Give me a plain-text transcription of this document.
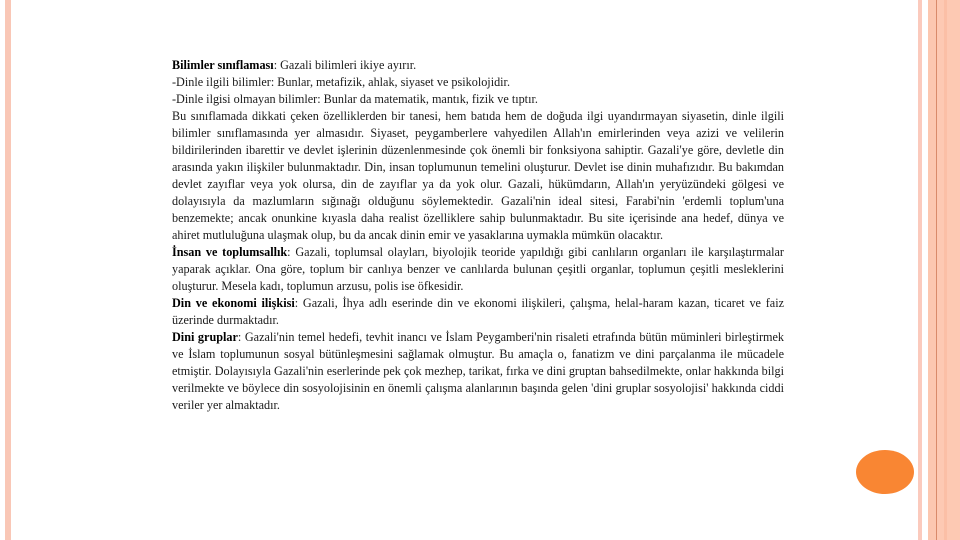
Bilimler sınıflaması: Gazali bilimleri ikiye ayırır.

-Dinle ilgili bilimler: Bunlar, metafizik, ahlak, siyaset ve psikolojidir.

-Dinle ilgisi olmayan bilimler: Bunlar da matematik, mantık, fizik ve tıptır.

Bu sınıflamada dikkati çeken özelliklerden bir tanesi, hem batıda hem de doğuda ilgi uyandırmayan siyasetin, dinle ilgili bilimler sınıflamasında yer almasıdır. Siyaset, peygamberlere vahyedilen Allah'ın emirlerinden veya azizi ve velilerin bildirilerinden ibarettir ve devlet işlerinin düzenlenmesinde çok önemli bir fonksiyona sahiptir. Gazali'ye göre, devletle din arasında yakın ilişkiler bulunmaktadır. Din, insan toplumunun temelini oluşturur. Devlet ise dinin muhafızıdır. Bu bakımdan devlet zayıflar veya yok olursa, din de zayıflar ya da yok olur. Gazali, hükümdarın, Allah'ın yeryüzündeki gölgesi ve dolayısıyla da mazlumların sığınağı olduğunu söylemektedir. Gazali'nin ideal sitesi, Farabi'nin 'erdemli toplum'una benzemekte; ancak onunkine kıyasla daha realist özelliklere sahip bulunmaktadır. Bu site içerisinde ana hedef, dünya ve ahiret mutluluğuna ulaşmak olup, bu da ancak dinin emir ve yasaklarına uymakla mümkün olacaktır.

İnsan ve toplumsallık: Gazali, toplumsal olayları, biyolojik teoride yapıldığı gibi canlıların organları ile karşılaştırmalar yaparak açıklar. Ona göre, toplum bir canlıya benzer ve canlılarda bulunan çeşitli organlar, toplumun çeşitli mesleklerini oluşturur. Mesela kadı, toplumun arzusu, polis ise öfkesidir.

Din ve ekonomi ilişkisi: Gazali, İhya adlı eserinde din ve ekonomi ilişkileri, çalışma, helal-haram kazan, ticaret ve faiz üzerinde durmaktadır.

Dini gruplar: Gazali'nin temel hedefi, tevhit inancı ve İslam Peygamberi'nin risaleti etrafında bütün müminleri birleştirmek ve İslam toplumunun sosyal bütünleşmesini sağlamak olmuştur. Bu amaçla o, fanatizm ve dini parçalanma ile mücadele etmiştir. Dolayısıyla Gazali'nin eserlerinde pek çok mezhep, tarikat, fırka ve dini gruptan bahsedilmekte, onlar hakkında bilgi verilmekte ve böylece din sosyolojisinin en önemli çalışma alanlarının başında gelen 'dini gruplar sosyolojisi' hakkında ciddi veriler yer almaktadır.
